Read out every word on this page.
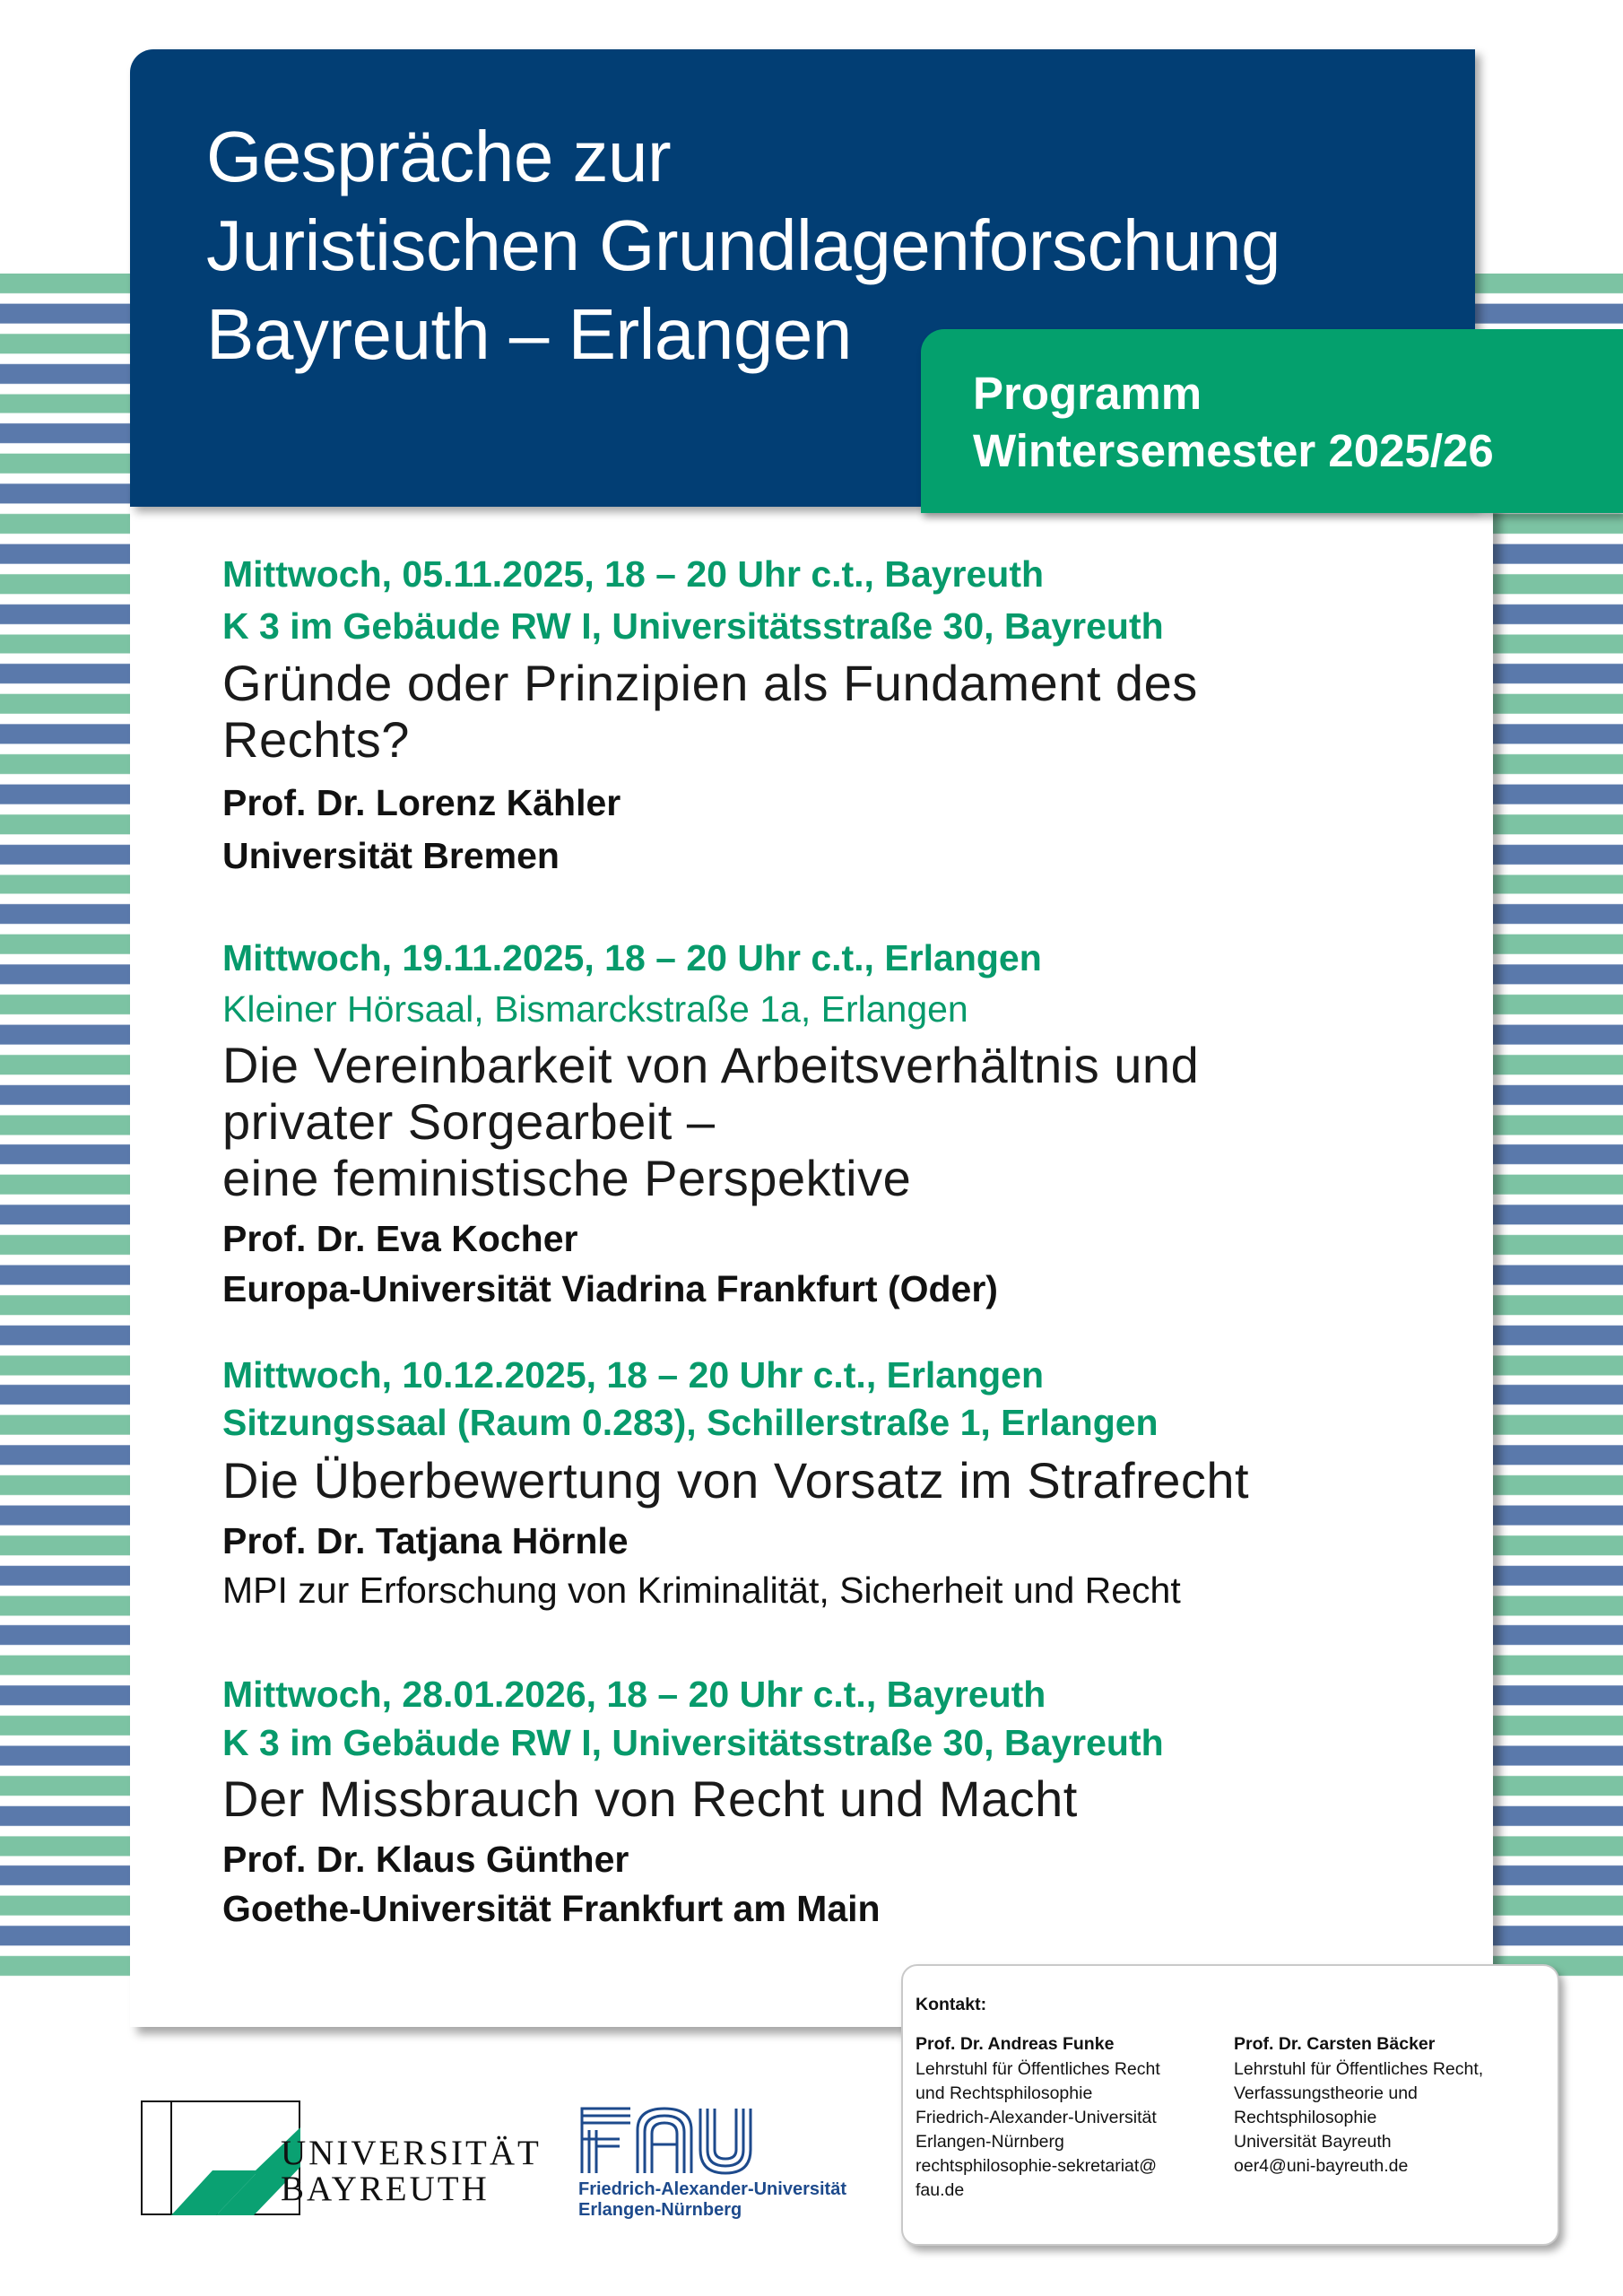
Gespräche zur
Juristischen Grundlagenforschung
Bayreuth – Erlangen
Programm
Wintersemester 2025/26
Mittwoch, 05.11.2025, 18 – 20 Uhr c.t., Bayreuth
K 3 im Gebäude RW I, Universitätsstraße 30, Bayreuth
Gründe oder Prinzipien als Fundament des
Rechts?
Prof. Dr. Lorenz Kähler
Universität Bremen
Mittwoch, 19.11.2025, 18 – 20 Uhr c.t., Erlangen
Kleiner Hörsaal, Bismarckstraße 1a, Erlangen
Die Vereinbarkeit von Arbeitsverhältnis und
privater Sorgearbeit –
eine feministische Perspektive
Prof. Dr. Eva Kocher
Europa-Universität Viadrina Frankfurt (Oder)
Mittwoch, 10.12.2025, 18 – 20 Uhr c.t., Erlangen
Sitzungssaal (Raum 0.283), Schillerstraße 1, Erlangen
Die Überbewertung von Vorsatz im Strafrecht
Prof. Dr. Tatjana Hörnle
MPI zur Erforschung von Kriminalität, Sicherheit und Recht
Mittwoch, 28.01.2026, 18 – 20 Uhr c.t., Bayreuth
K 3 im Gebäude RW I, Universitätsstraße 30, Bayreuth
Der Missbrauch von Recht und Macht
Prof. Dr. Klaus Günther
Goethe-Universität Frankfurt am Main
Kontakt:
Prof. Dr. Andreas Funke
Lehrstuhl für Öffentliches Recht
und Rechtsphilosophie
Friedrich-Alexander-Universität
Erlangen-Nürnberg
rechtsphilosophie-sekretariat@
fau.de
Prof. Dr. Carsten Bäcker
Lehrstuhl für Öffentliches Recht,
Verfassungstheorie und
Rechtsphilosophie
Universität Bayreuth
oer4@uni-bayreuth.de
UNIVERSITÄT
BAYREUTH	Friedrich-Alexander-Universität
Erlangen-Nürnberg
